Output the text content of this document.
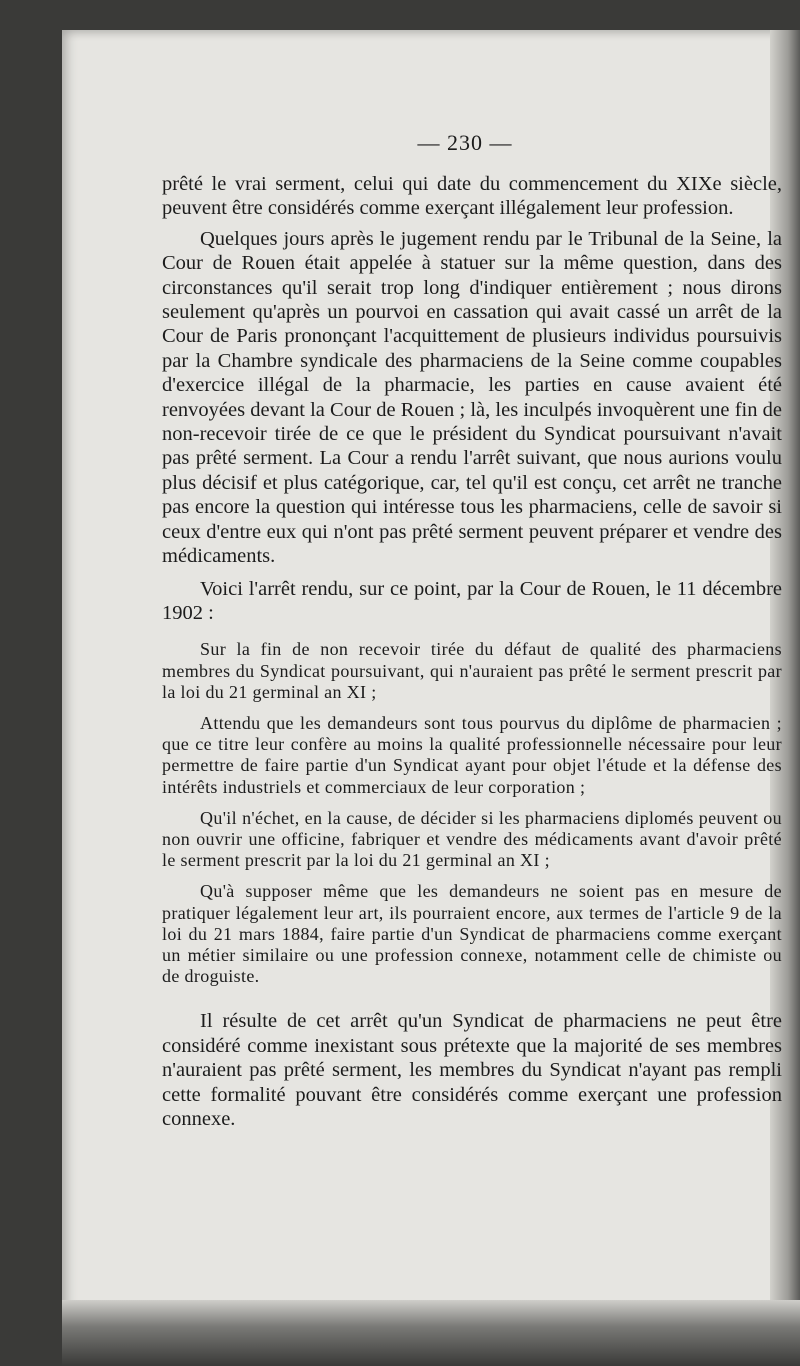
— 230 —

prêté le vrai serment, celui qui date du commencement du XIXe siècle, peuvent être considérés comme exerçant illégalement leur profession.

Quelques jours après le jugement rendu par le Tribunal de la Seine, la Cour de Rouen était appelée à statuer sur la même question, dans des circonstances qu'il serait trop long d'indiquer entièrement ; nous dirons seulement qu'après un pourvoi en cassation qui avait cassé un arrêt de la Cour de Paris prononçant l'acquittement de plusieurs individus poursuivis par la Chambre syndicale des pharmaciens de la Seine comme coupables d'exercice illégal de la pharmacie, les parties en cause avaient été renvoyées devant la Cour de Rouen ; là, les inculpés invoquèrent une fin de non-recevoir tirée de ce que le président du Syndicat poursuivant n'avait pas prêté serment. La Cour a rendu l'arrêt suivant, que nous aurions voulu plus décisif et plus catégorique, car, tel qu'il est conçu, cet arrêt ne tranche pas encore la question qui intéresse tous les pharmaciens, celle de savoir si ceux d'entre eux qui n'ont pas prêté serment peuvent préparer et vendre des médicaments.

Voici l'arrêt rendu, sur ce point, par la Cour de Rouen, le 11 décembre 1902 :

Sur la fin de non recevoir tirée du défaut de qualité des pharmaciens membres du Syndicat poursuivant, qui n'auraient pas prêté le serment prescrit par la loi du 21 germinal an XI ;

Attendu que les demandeurs sont tous pourvus du diplôme de pharmacien ; que ce titre leur confère au moins la qualité professionnelle nécessaire pour leur permettre de faire partie d'un Syndicat ayant pour objet l'étude et la défense des intérêts industriels et commerciaux de leur corporation ;

Qu'il n'échet, en la cause, de décider si les pharmaciens diplomés peuvent ou non ouvrir une officine, fabriquer et vendre des médicaments avant d'avoir prêté le serment prescrit par la loi du 21 germinal an XI ;

Qu'à supposer même que les demandeurs ne soient pas en mesure de pratiquer légalement leur art, ils pourraient encore, aux termes de l'article 9 de la loi du 21 mars 1884, faire partie d'un Syndicat de pharmaciens comme exerçant un métier similaire ou une profession connexe, notamment celle de chimiste ou de droguiste.

Il résulte de cet arrêt qu'un Syndicat de pharmaciens ne peut être considéré comme inexistant sous prétexte que la majorité de ses membres n'auraient pas prêté serment, les membres du Syndicat n'ayant pas rempli cette formalité pouvant être considérés comme exerçant une profession connexe.
